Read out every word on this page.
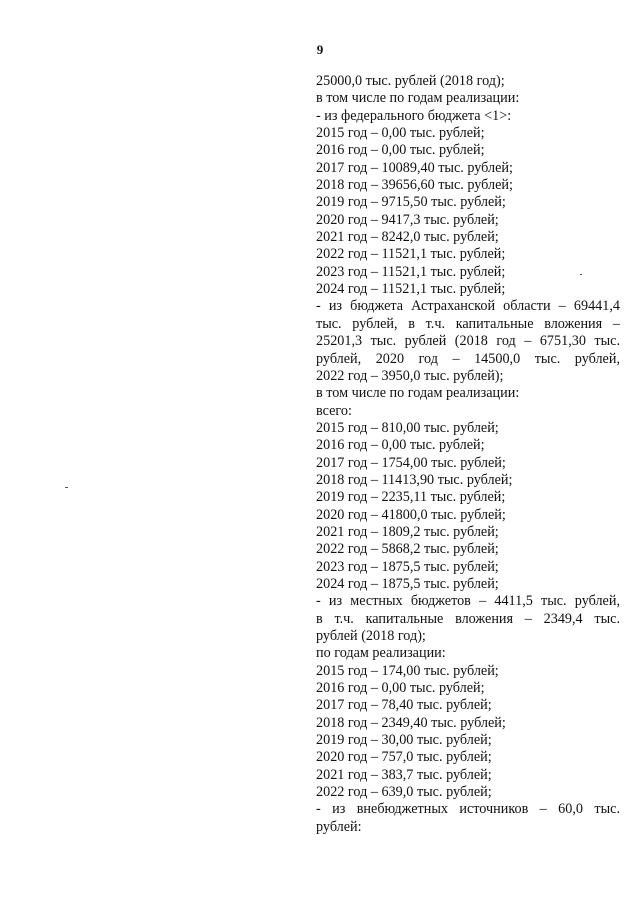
9
25000,0 тыс. рублей (2018 год);
в том числе по годам реализации:
- из федерального бюджета <1>:
2015 год – 0,00 тыс. рублей;
2016 год – 0,00 тыс. рублей;
2017 год – 10089,40 тыс. рублей;
2018 год – 39656,60 тыс. рублей;
2019 год – 9715,50 тыс. рублей;
2020 год – 9417,3 тыс. рублей;
2021 год – 8242,0 тыс. рублей;
2022 год – 11521,1 тыс. рублей;
2023 год – 11521,1 тыс. рублей;
2024 год – 11521,1 тыс. рублей;
- из бюджета Астраханской области – 69441,4
тыс. рублей, в т.ч. капитальные вложения –
25201,3 тыс. рублей (2018 год – 6751,30 тыс.
рублей, 2020 год – 14500,0 тыс. рублей,
2022 год – 3950,0 тыс. рублей);
в том числе по годам реализации:
всего:
2015 год – 810,00 тыс. рублей;
2016 год – 0,00 тыс. рублей;
2017 год – 1754,00 тыс. рублей;
2018 год – 11413,90 тыс. рублей;
2019 год – 2235,11 тыс. рублей;
2020 год – 41800,0 тыс. рублей;
2021 год – 1809,2 тыс. рублей;
2022 год – 5868,2 тыс. рублей;
2023 год – 1875,5 тыс. рублей;
2024 год – 1875,5 тыс. рублей;
- из местных бюджетов – 4411,5 тыс. рублей,
в т.ч. капитальные вложения – 2349,4 тыс.
рублей (2018 год);
по годам реализации:
2015 год – 174,00 тыс. рублей;
2016 год – 0,00 тыс. рублей;
2017 год – 78,40 тыс. рублей;
2018 год – 2349,40 тыс. рублей;
2019 год – 30,00 тыс. рублей;
2020 год – 757,0 тыс. рублей;
2021 год – 383,7 тыс. рублей;
2022 год – 639,0 тыс. рублей;
- из внебюджетных источников – 60,0 тыс.
рублей:
